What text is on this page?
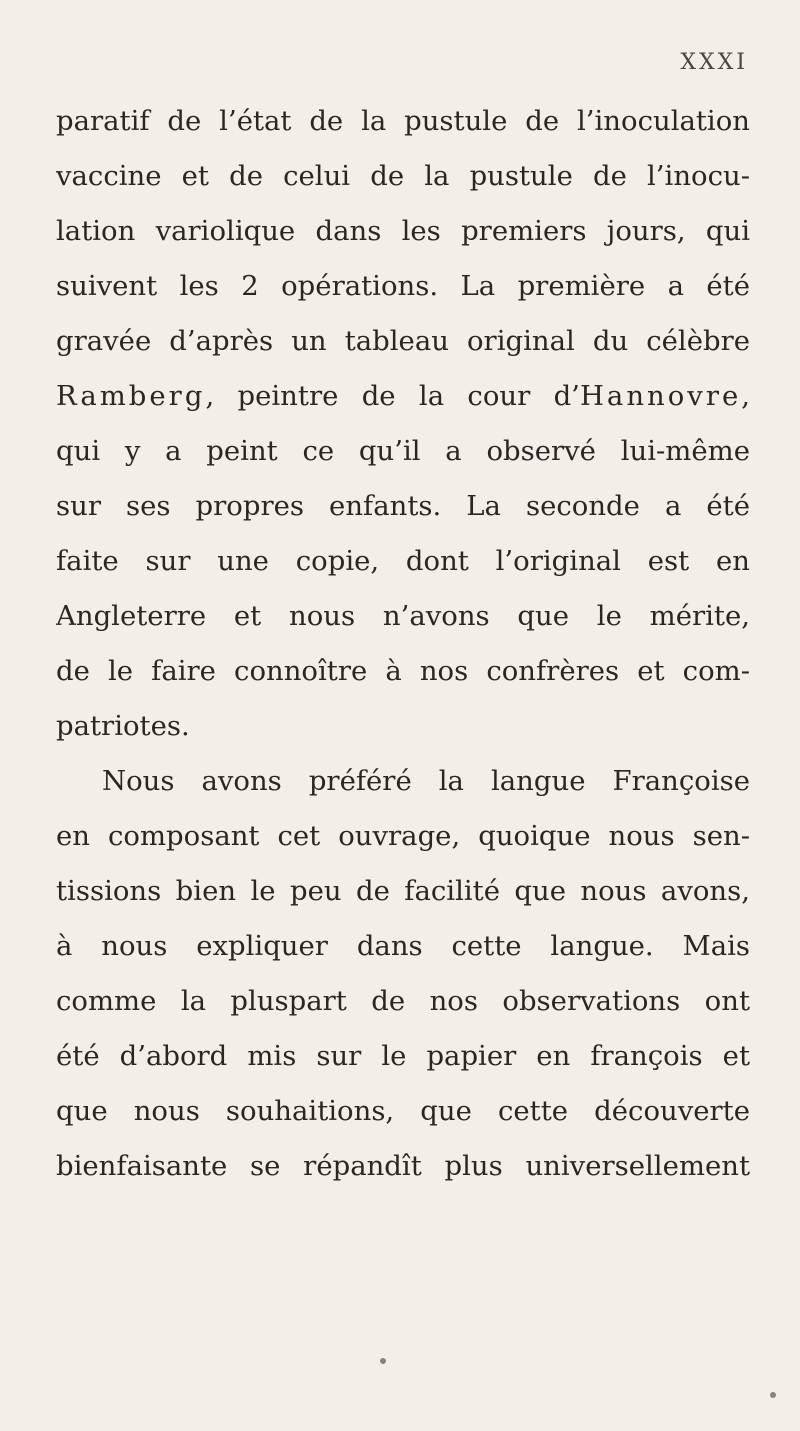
XXXI
paratif de l’état de la pustule de l’inoculation
vaccine et de celui de la pustule de l’inocu-
lation variolique dans les premiers jours, qui
suivent les 2 opérations. La première a été
gravée d’après un tableau original du célèbre
Ramberg, peintre de la cour d’Hannovre,
qui y a peint ce qu’il a observé lui-même
sur ses propres enfants. La seconde a été
faite sur une copie, dont l’original est en
Angleterre et nous n’avons que le mérite,
de le faire connoître à nos confrères et com-
patriotes.
Nous avons préféré la langue Françoise
en composant cet ouvrage, quoique nous sen-
tissions bien le peu de facilité que nous avons,
à nous expliquer dans cette langue. Mais
comme la pluspart de nos observations ont
été d’abord mis sur le papier en françois et
que nous souhaitions, que cette découverte
bienfaisante se répandît plus universellement
